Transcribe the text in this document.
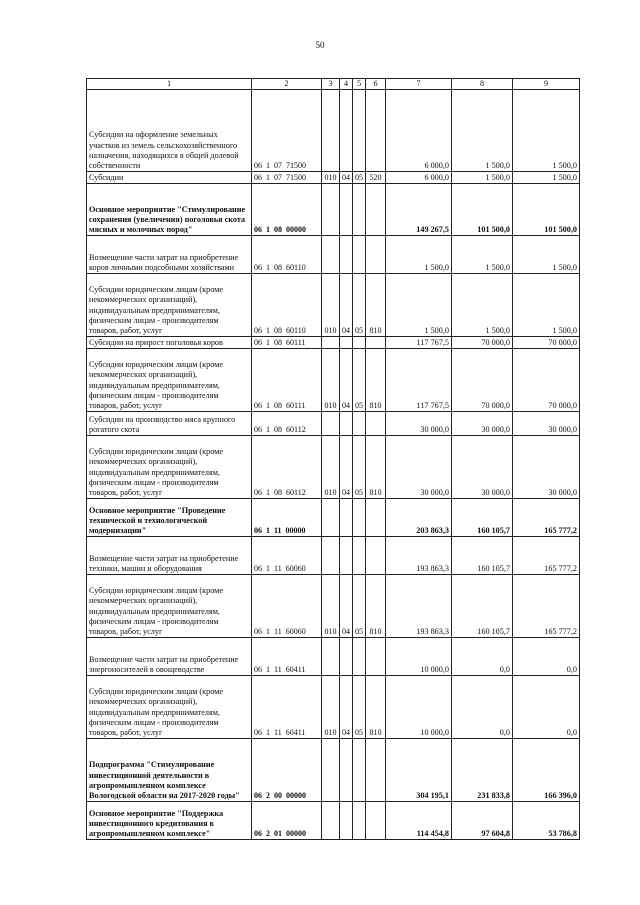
50
1	2	3	4	5	6	7	8	9
Субсидии на оформление земельных участков из земель сельскохозяйственного назначения, находящихся в общей долевой собственности	06  1  07  71500					6 000,0	1 500,0	1 500,0
Субсидии	06  1  07  71500	010	04	05	520	6 000,0	1 500,0	1 500,0
Основное мероприятие "Стимулирование сохранения (увеличения) поголовья скота мясных и молочных пород"	06  1  08  00000					149 267,5	101 500,0	101 500,0
Возмещение части затрат на приобретение коров личными подсобными хозяйствами	06  1  08  60110					1 500,0	1 500,0	1 500,0
Субсидии юридическим лицам (кроме некоммерческих организаций), индивидуальным предпринимателям, физическим лицам - производителям товаров, работ, услуг	06  1  08  60110	010	04	05	810	1 500,0	1 500,0	1 500,0
Субсидии на прирост поголовья коров	06  1  08  60111					117 767,5	70 000,0	70 000,0
Субсидии юридическим лицам (кроме некоммерческих организаций), индивидуальным предпринимателям, физическим лицам - производителям товаров, работ, услуг	06  1  08  60111	010	04	05	810	117 767,5	70 000,0	70 000,0
Субсидии на производство мяса крупного рогатого скота	06  1  08  60112					30 000,0	30 000,0	30 000,0
Субсидии юридическим лицам (кроме некоммерческих организаций), индивидуальным предпринимателям, физическим лицам - производителям товаров, работ, услуг	06  1  08  60112	010	04	05	810	30 000,0	30 000,0	30 000,0
Основное мероприятие "Проведение технической и технологической модернизации"	06  1  11  00000					203 863,3	160 105,7	165 777,2
Возмещение части затрат на приобретение техники, машин и оборудования	06  1  11  60060					193 863,3	160 105,7	165 777,2
Субсидии юридическим лицам (кроме некоммерческих организаций), индивидуальным предпринимателям, физическим лицам - производителям товаров, работ, услуг	06  1  11  60060	010	04	05	810	193 863,3	160 105,7	165 777,2
Возмещение части затрат на приобретение энергоносителей в овощеводстве	06  1  11  60411					10 000,0	0,0	0,0
Субсидии юридическим лицам (кроме некоммерческих организаций), индивидуальным предпринимателям, физическим лицам - производителям товаров, работ, услуг	06  1  11  60411	010	04	05	810	10 000,0	0,0	0,0
Подпрограмма "Стимулирование инвестиционной деятельности в агропромышленном комплексе Вологодской области на 2017-2020 годы"	06  2  00  00000					304 195,1	231 833,8	166 396,0
Основное мероприятие "Поддержка инвестиционного кредитования в агропромышленном комплексе"	06  2  01  00000					114 454,8	97 604,8	53 786,8
